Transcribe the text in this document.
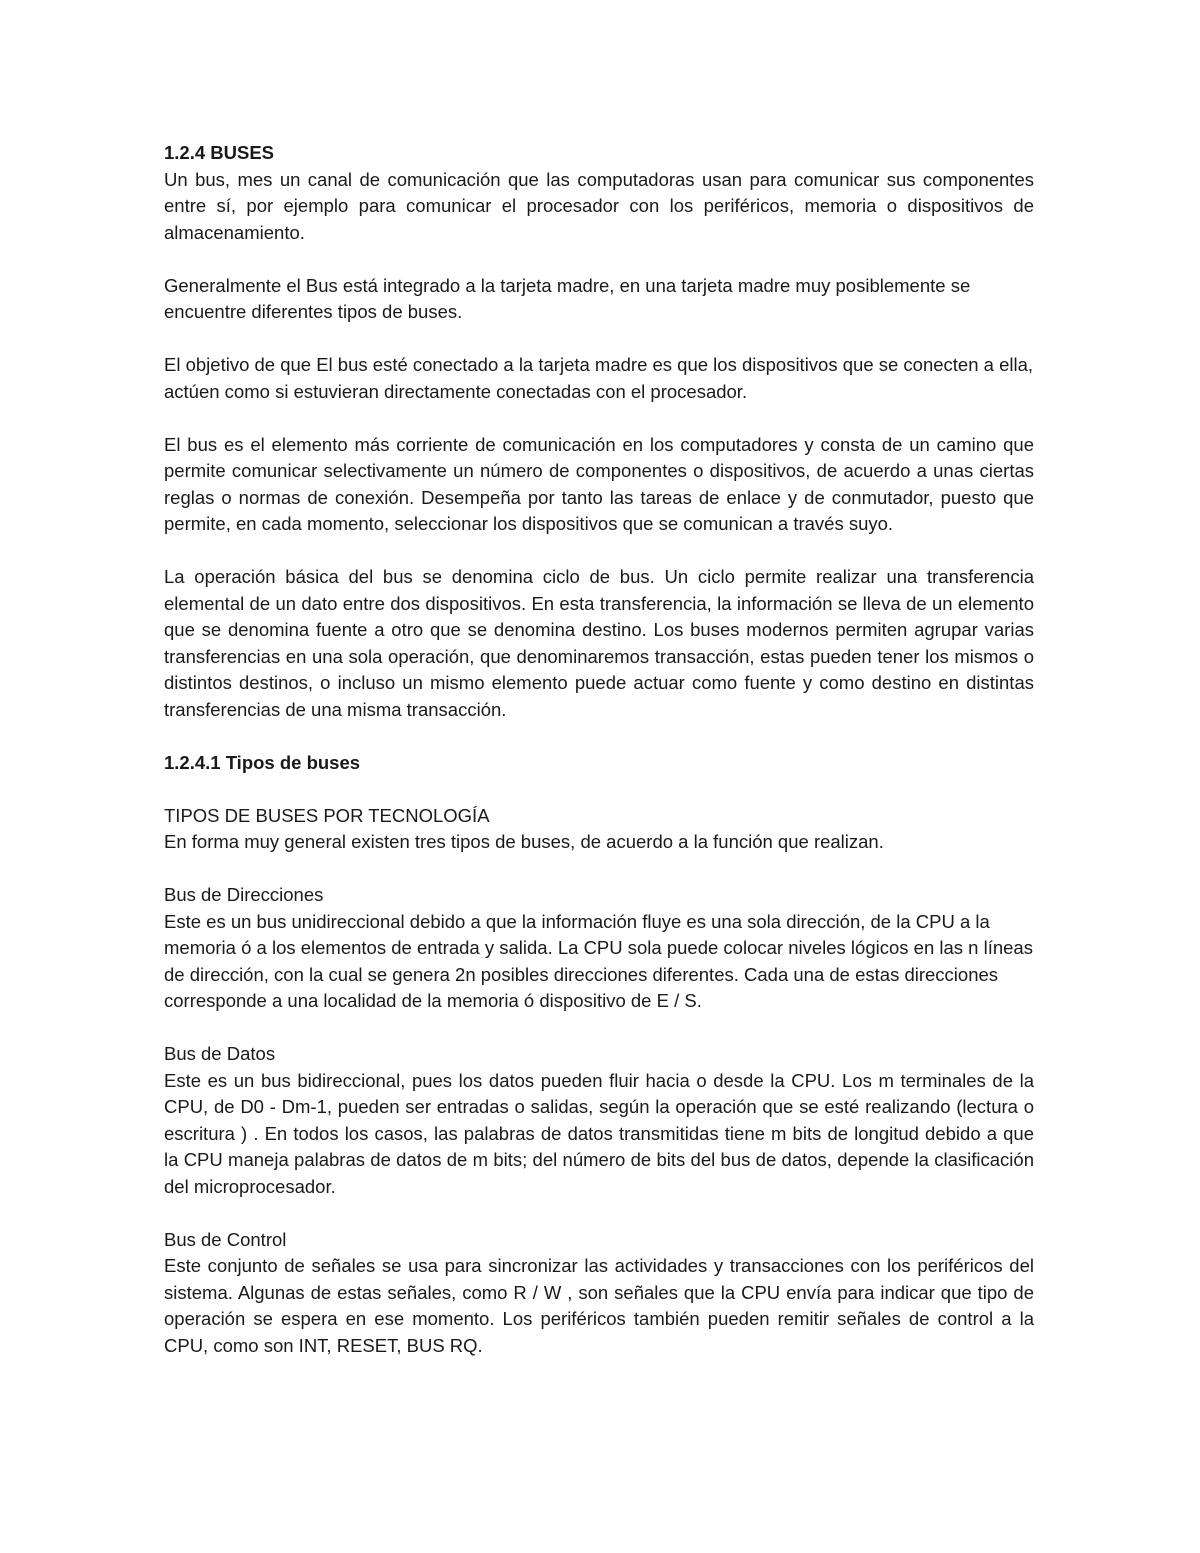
1.2.4 BUSES
Un bus, mes un canal de comunicación que las computadoras usan para comunicar sus componentes entre sí, por ejemplo para comunicar el procesador con los periféricos, memoria o dispositivos de almacenamiento.

Generalmente el Bus está integrado a la tarjeta madre, en una tarjeta madre muy posiblemente se encuentre diferentes tipos de buses.

El objetivo de que El bus esté conectado a la tarjeta madre es que los dispositivos que se conecten a ella, actúen como si estuvieran directamente conectadas con el procesador.

El bus es el elemento más corriente de comunicación en los computadores y consta de un camino que permite comunicar selectivamente un número de componentes o dispositivos, de acuerdo a unas ciertas reglas o normas de conexión. Desempeña por tanto las tareas de enlace y de conmutador, puesto que permite, en cada momento, seleccionar los dispositivos que se comunican a través suyo.

La operación básica del bus se denomina ciclo de bus. Un ciclo permite realizar una transferencia elemental de un dato entre dos dispositivos. En esta transferencia, la información se lleva de un elemento que se denomina fuente a otro que se denomina destino. Los buses modernos permiten agrupar varias transferencias en una sola operación, que denominaremos transacción, estas pueden tener los mismos o distintos destinos, o incluso un mismo elemento puede actuar como fuente y como destino en distintas transferencias de una misma transacción.

1.2.4.1 Tipos de buses

TIPOS DE BUSES POR TECNOLOGÍA
En forma muy general existen tres tipos de buses, de acuerdo a la función que realizan.
Bus de Direcciones
Este es un bus unidireccional debido a que la información fluye es una sola dirección, de la CPU a la memoria ó a los elementos de entrada y salida. La CPU sola puede colocar niveles lógicos en las n líneas de dirección, con la cual se genera 2n posibles direcciones diferentes. Cada una de estas direcciones corresponde a una localidad de la memoria ó dispositivo de E / S.
Bus de Datos
Este es un bus bidireccional, pues los datos pueden fluir hacia o desde la CPU. Los m terminales de la CPU, de D0 - Dm-1, pueden ser entradas o salidas, según la operación que se esté realizando (lectura o escritura ) . En todos los casos, las palabras de datos transmitidas tiene m bits de longitud debido a que la CPU maneja palabras de datos de m bits; del número de bits del bus de datos, depende la clasificación del microprocesador.
Bus de Control
Este conjunto de señales se usa para sincronizar las actividades y transacciones con los periféricos del sistema. Algunas de estas señales, como R / W , son señales que la CPU envía para indicar que tipo de operación se espera en ese momento. Los periféricos también pueden remitir señales de control a la CPU, como son INT, RESET, BUS RQ.
